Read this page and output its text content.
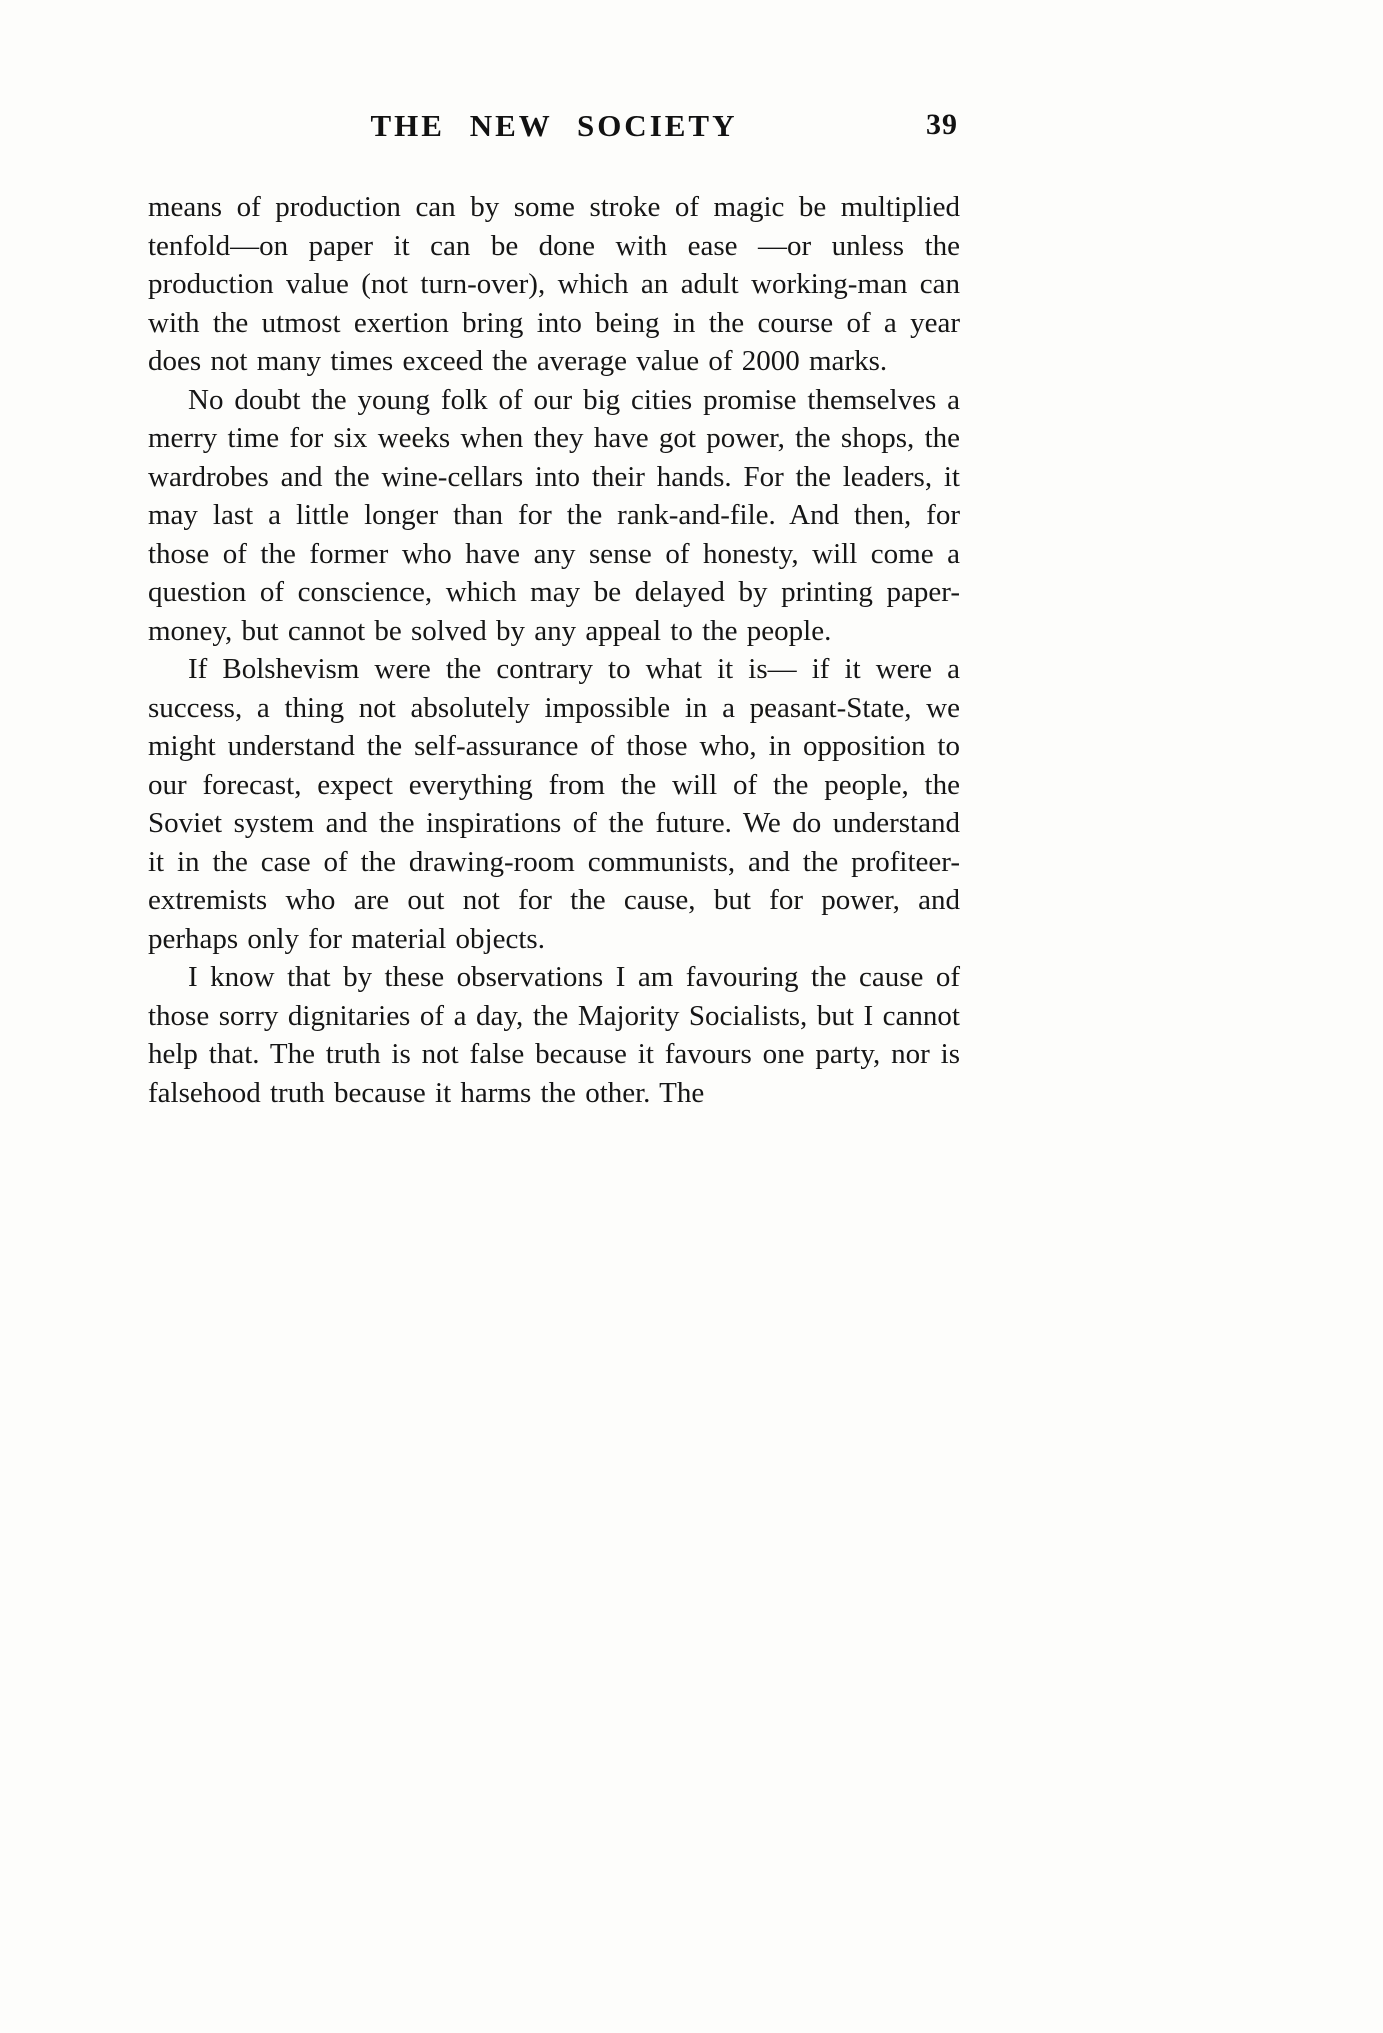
THE NEW SOCIETY	39

means of production can by some stroke of magic be multiplied tenfold—on paper it can be done with ease —or unless the production value (not turn-over), which an adult working-man can with the utmost exertion bring into being in the course of a year does not many times exceed the average value of 2000 marks.

No doubt the young folk of our big cities promise themselves a merry time for six weeks when they have got power, the shops, the wardrobes and the wine-cellars into their hands. For the leaders, it may last a little longer than for the rank-and-file. And then, for those of the former who have any sense of honesty, will come a question of conscience, which may be delayed by printing paper-money, but cannot be solved by any appeal to the people.

If Bolshevism were the contrary to what it is— if it were a success, a thing not absolutely impossible in a peasant-State, we might understand the self-assurance of those who, in opposition to our forecast, expect everything from the will of the people, the Soviet system and the inspirations of the future. We do understand it in the case of the drawing-room communists, and the profiteer-extremists who are out not for the cause, but for power, and perhaps only for material objects.

I know that by these observations I am favouring the cause of those sorry dignitaries of a day, the Majority Socialists, but I cannot help that. The truth is not false because it favours one party, nor is falsehood truth because it harms the other. The
